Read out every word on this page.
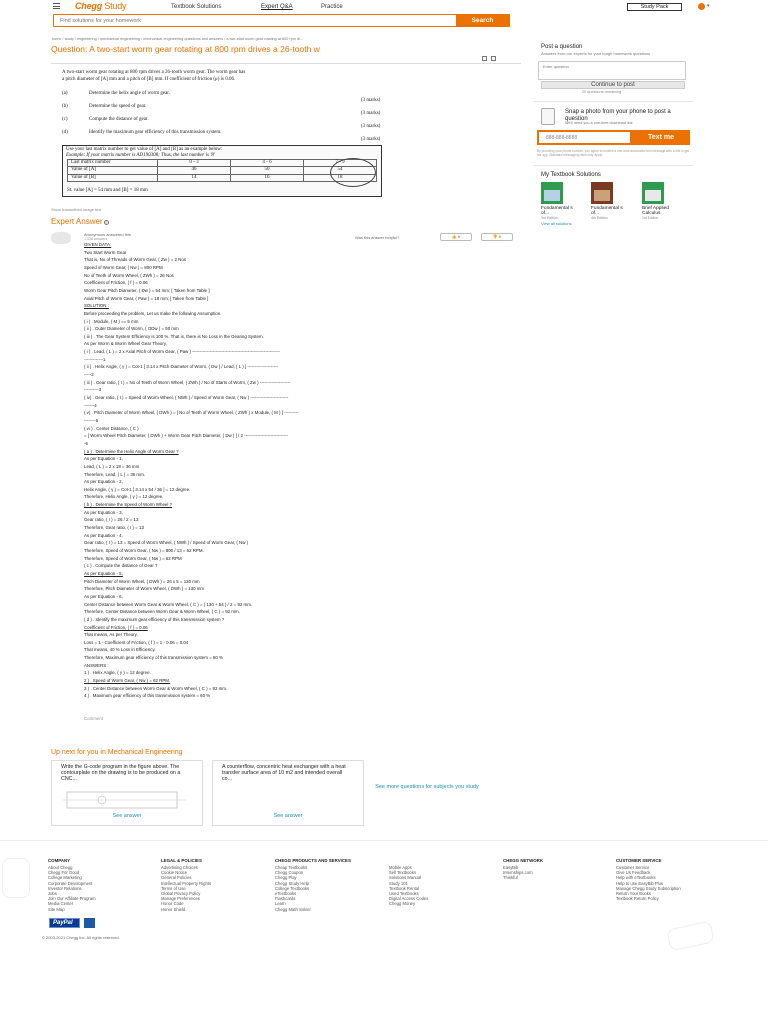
Chegg Study	Textbook Solutions	Expert Q&A	Practice	Study Pack	▾
Find solutions for your homework
Search
home / study / engineering / mechanical engineering / mechanical engineering questions and answers / a two-start worm gear rotating at 800 rpm di...
Question: A two-start worm gear rotating at 800 rpm drives a 26-tooth w
A two-start worm gear rotating at 800 rpm drives a 26-tooth worm gear. The worm gear has
a pitch diameter of [A] mm and a pitch of [B] mm. If coefficient of friction (μ) is 0.06.
(a)	Determine the helix angle of worm gear.
(3 marks)
(b)	Determine the speed of gear.
(3 marks)
(c)	Compute the distance of gear.
(3 marks)
(d)	Identify the maximum gear efficiency of this transmission system.
(3 marks)
Use your last matrix number to get value of [A] and [B] as an example below:
Example: If your matrix number is AD190308; Thus, the last number is '8'
Last matrix number	0 - 3	4 - 6	7 - 9
Value of [A]	46	50	54
Value of [B]	14	16	18
St. value [A] = 54 mm and [B] = 18 mm
Show transcribed image text
Expert Answer i
Anonymous answered this
1,538 answers	Was this answer helpful?	👍 0	👎 0
GIVEN DATA:
Two Start Worm Gear
That is, No of Threads of Worm Gear, ( Zw ) = 2 Nos
Speed of Worm Gear, ( Nw ) = 800 RPM
No of Teeth of Worm Wheel, ( ZWh ) = 26 Nos
Coefficient of Friction, ( f ) = 0.06
Worm Gear Pitch Diameter, ( Dw ) = 54 mm; [ Taken from Table ]
Axial Pitch of Worm Gear, ( Paw ) = 18 mm; [ Taken from Table ]
SOLUTION :
Before proceeding the problem, Let us make the following Assumption.
( i ) . Module, ( M ) == 5 mm
( ii ) . Outer Diameter of Worm, ( ODw ) = 50 mm
( iii ) . The Gear System Efficiency is 100 %. That is, there is No Loss in the Gearing System.
As per Worm & Worm Wheel Gear Theory,
( i ) . Lead, ( L ) = 2 x Axial Pitch of Worm Gear, ( Paw ) ------------------------------------------------------------
-------------1
( ii ) . Helix Angle, ( γ ) = Cot-1 [ 3.14 x Pitch Diameter of Worm, ( Dw ) / Lead, ( L ) ] ---------------------
-----2
( iii ) . Gear ratio, ( I ) = No of Teeth of Worm Wheel, ( ZWh ) / No of Starts of Worm, ( Zw ) ---------------------
----------3
( iv) . Gear ratio, ( I ) = Speed of Worm Wheel, ( NWh ) / Speed of Worm Gear, ( Nw ) --------------------------
-------4
( v) . Pitch Diameter of Worm Wheel, ( DWh ) = [ No of Teeth of Worm Wheel, ( ZWh ) x Module, ( M ) ] ----------
--------5
( vi ) . Center Distance, ( C )
= [ Worm Wheel Pitch Diameter, ( DWh ) + Worm Gear Pitch Diameter, ( Dw ) ] / 2 ------------------------------
-6
( a ) . Determine the Helix Angle of Worm Gear ?
As per Equation - 1,
Lead, ( L ) = 2 x 18 = 36 mm
Therefore, Lead, ( L ) = 36 mm.
As per Equation - 2,
Helix Angle, ( γ ) = Cot-1 [ 3.14 x 54 / 36 ] = 12 degree.
Therefore, Helix Angle, ( γ ) = 12 degree.
( b ) . Determine the Speed of Worm Wheel ?
As per Equation - 3,
Gear ratio, ( I ) = 26 / 2 = 13
Therefore, Gear ratio, ( I ) = 13
As per Equation - 4,
Gear ratio, ( I ) = 13 = Speed of Worm Wheel, ( NWh ) / Speed of Worm Gear, ( Nw )
Therefore, Speed of Worm Gear, ( Nw ) = 800 / 13 = 62 RPM.
Therefore, Speed of Worm Gear, ( Nw ) = 62 RPM
( c ) . Compute the distance of Gear ?
As per Equation - 5,
Pitch Diameter of Worm Wheel, ( DWh ) = 26 x 5 = 130 mm
Therefore, Pitch Diameter of Worm Wheel, ( DWh ) = 130 mm
As per Equation - 6,
Center Distance between Worm Gear & Worm Wheel, ( C ) = ( 130 + 54 ) / 2 = 92 mm.
Therefore, Center Distance between Worm Gear & Worm Wheel, ( C ) = 92 mm.
( d ) . Identify the maximum gear efficiency of this transmission system ?
Coefficient of Friction, ( f ) = 0.06
That means, As per Theory,
Loss = 1 - Coefficient of Friction, ( f ) = 1 - 0.06 = 0.04
That means, 40 % Loss in Efficiency.
Therefore, Maximum gear efficiency of this transmission system = 60 %
ANSWERS :
1 ) . Helix Angle, ( γ ) = 12 degree.
2 ) . Speed of Worm Gear, ( Nw ) = 62 RPM.
3 ) . Center Distance between Worm Gear & Worm Wheel, ( C ) = 92 mm.
4 ) . Maximum gear efficiency of this transmission system = 60 %
Comment
Up next for you in Mechanical Engineering
Write the G-code program in the figure above. The contourplate on the drawing is to be produced on a CNC...
See answer
A counterflow, concentric heat exchanger with a heat transfer surface area of 10 m2 and intended overall co...
See answer
See more questions for subjects you study
Post a question
Answers from our experts for your tough homework questions
Enter question
Continue to post
20 questions remaining
Snap a photo from your phone to post a question
We'll send you a one-time download link
888-888-8888	Text me
By providing your phone number, you agree to receive a one-time automated text message with a link to get the app. Standard messaging rates may apply.
My Textbook Solutions
Fundamental s of...
Fundamental s of...
Brief Applied Calculus
3rd Edition	4th Edition	1st Edition
View all solutions
COMPANY
About Chegg
Chegg For Good
College Marketing
Corporate Development
Investor Relations
Jobs
Join Our Affiliate Program
Media Center
Site Map
LEGAL & POLICIES
Advertising Choices
Cookie Notice
General Policies
Intellectual Property Rights
Terms of Use
Global Privacy Policy
Manage Preferences
Honor Code
Honor Shield
CHEGG PRODUCTS AND SERVICES
Cheap Textbooks
Chegg Coupon
Chegg Play
Chegg Study Help
College Textbooks
eTextbooks
Flashcards
Learn
Chegg Math Solver
Mobile Apps
Sell Textbooks
Solutions Manual
Study 101
Textbook Rental
Used Textbooks
Digital Access Codes
Chegg Money
CHEGG NETWORK
EasyBib
Internships.com
Thinkful
CUSTOMER SERVICE
Customer Service
Give Us Feedback
Help with eTextbooks
Help to use EasyBib Plus
Manage Chegg Study Subscription
Return Your Books
Textbook Return Policy
PayPal
© 2003-2021 Chegg Inc. All rights reserved.
